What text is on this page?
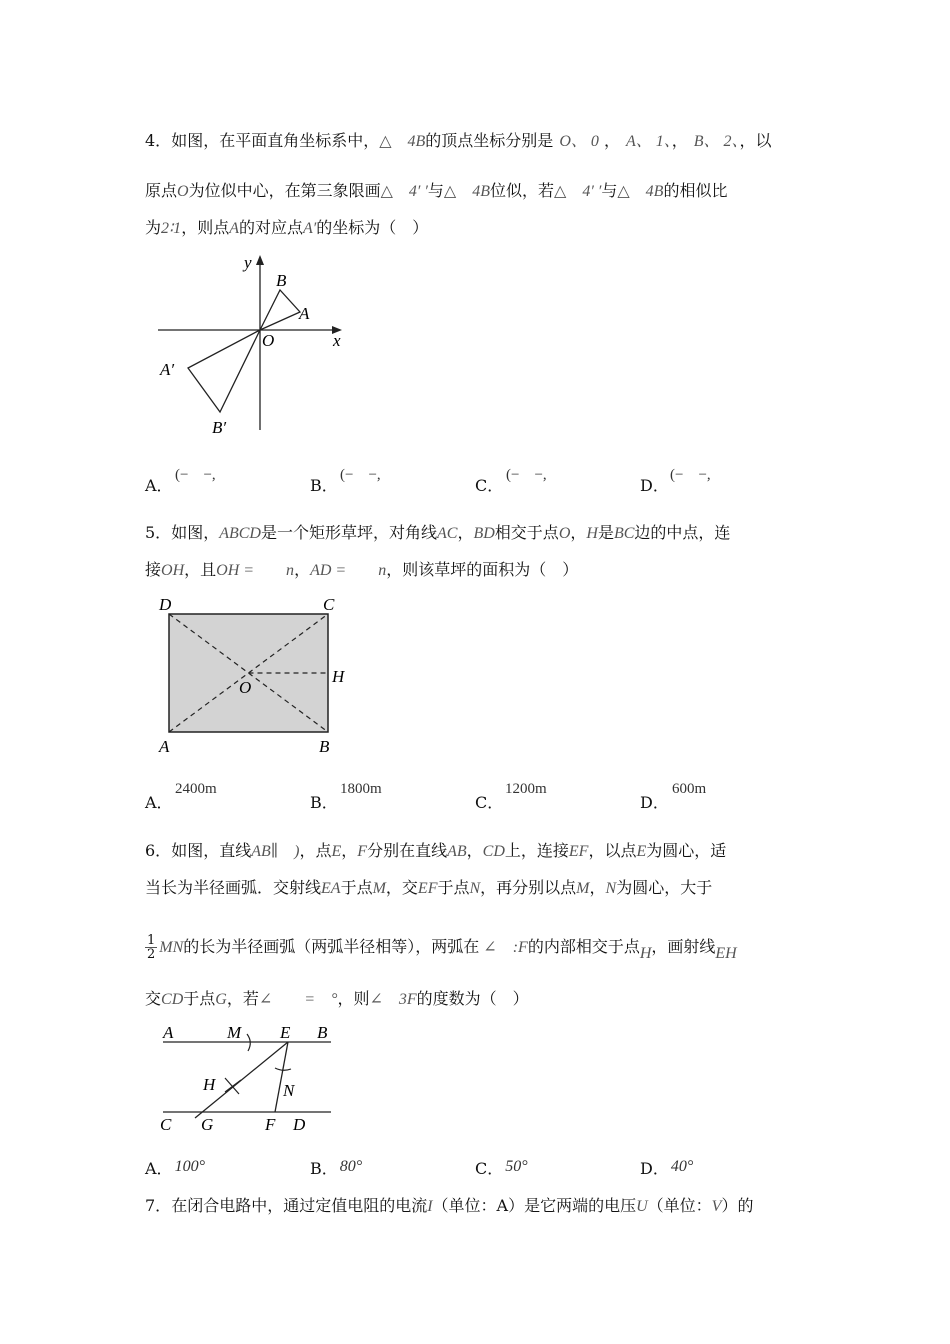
4．如图，在平面直角坐标系中，△　4B的顶点坐标分别是 O、 0 ， A、 1、， B、 2、，以
原点O为位似中心，在第三象限画△　4′ ′与△　4B位似，若△　4′ ′与△　4B的相似比
为2∶1，则点A的对应点A′的坐标为（　）
y
x
O
B
A
A′
B′
A．
(−　−,
B．
(−　−,
C．
(−　−,
D．
(−　−,
5．如图，ABCD是一个矩形草坪，对角线AC，BD相交于点O，H是BC边的中点，连
接OH，且OH =　　n，AD =　　n，则该草坪的面积为（　）
D	C
A	B
O
H
A．
2400m
B．
1800m
C．
1200m
D．
600m
6．如图，直线AB∥　)，点E，F分别在直线AB，CD上，连接EF，以点E为圆心，适
当长为半径画弧．交射线EA于点M，交EF于点N，再分别以点M，N为圆心，大于
$\frac{1}{2}$ MN的长为半径画弧（两弧半径相等），两弧在 ∠　:F的内部相交于点H，画射线EH
交CD于点G，若∠　　=　°，则∠　3F的度数为（　）
A	M E B
H	N
C G	F D
A． 100°	B． 80°	C． 50°	D． 40°
7．在闭合电路中，通过定值电阻的电流I（单位：A）是它两端的电压U（单位：V）的
